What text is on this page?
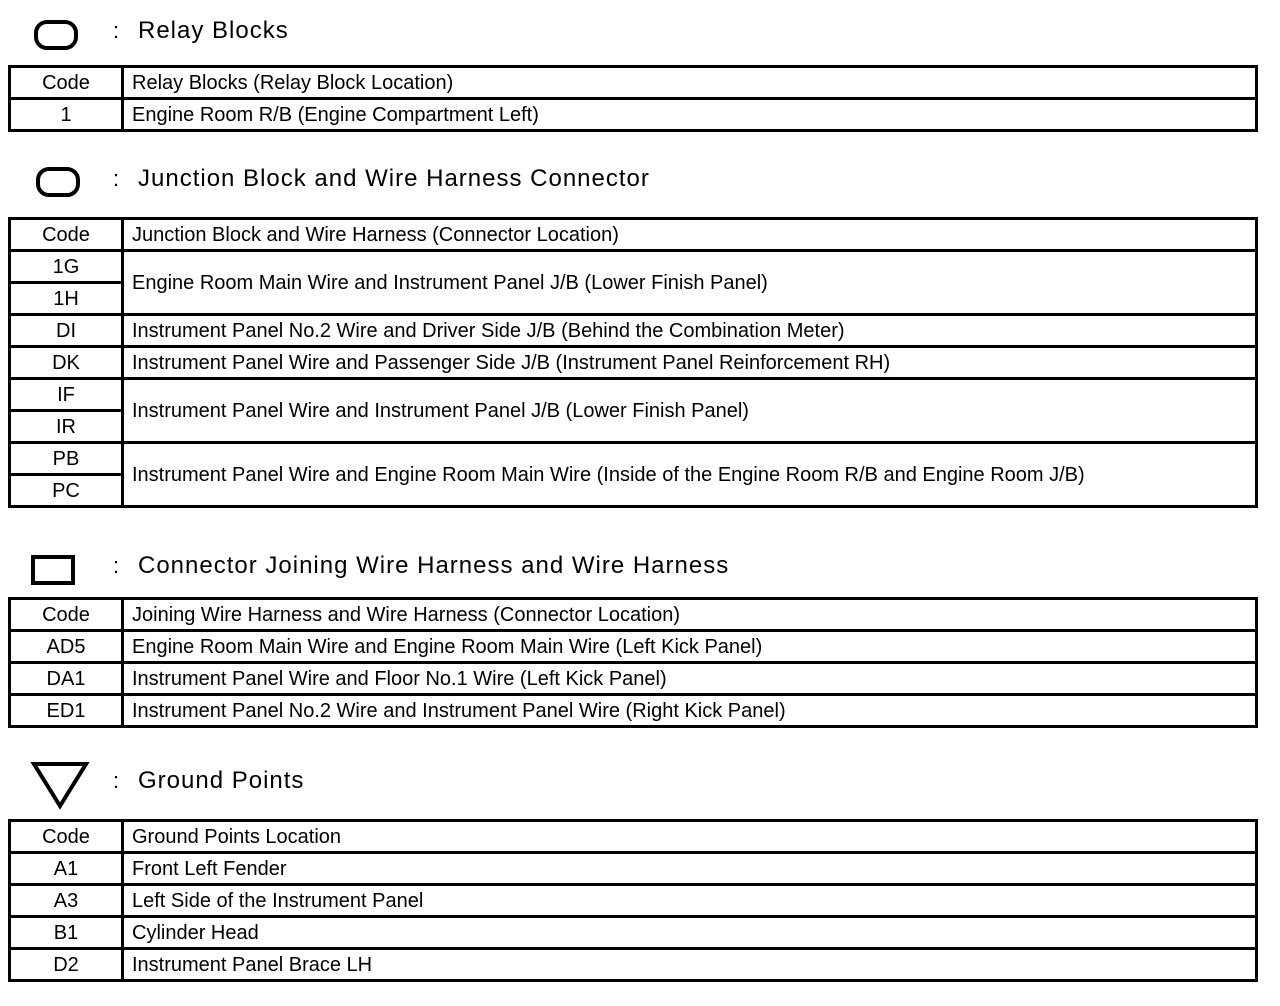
: Relay Blocks
Code	Relay Blocks (Relay Block Location)
1	Engine Room R/B (Engine Compartment Left)
: Junction Block and Wire Harness Connector
Code	Junction Block and Wire Harness (Connector Location)
1G	Engine Room Main Wire and Instrument Panel J/B (Lower Finish Panel)
1H	
DI	Instrument Panel No.2 Wire and Driver Side J/B (Behind the Combination Meter)
DK	Instrument Panel Wire and Passenger Side J/B (Instrument Panel Reinforcement RH)
IF	Instrument Panel Wire and Instrument Panel J/B (Lower Finish Panel)
IR	
PB	Instrument Panel Wire and Engine Room Main Wire (Inside of the Engine Room R/B and Engine Room J/B)
PC	
: Connector Joining Wire Harness and Wire Harness
Code	Joining Wire Harness and Wire Harness (Connector Location)
AD5	Engine Room Main Wire and Engine Room Main Wire (Left Kick Panel)
DA1	Instrument Panel Wire and Floor No.1 Wire (Left Kick Panel)
ED1	Instrument Panel No.2 Wire and Instrument Panel Wire (Right Kick Panel)
: Ground Points
Code	Ground Points Location
A1	Front Left Fender
A3	Left Side of the Instrument Panel
B1	Cylinder Head
D2	Instrument Panel Brace LH
